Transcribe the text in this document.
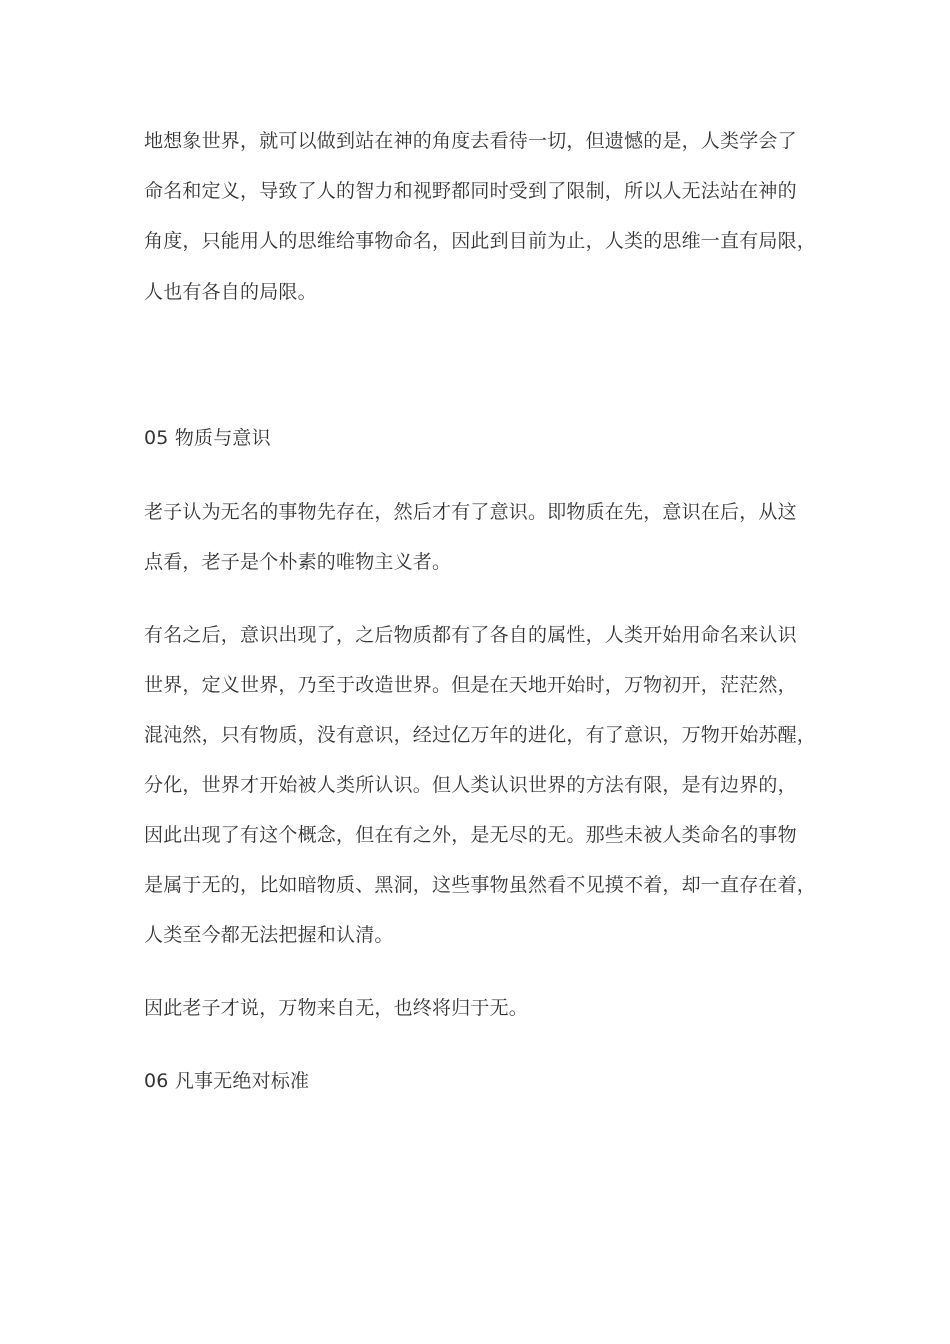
地想象世界，就可以做到站在神的角度去看待一切，但遗憾的是，人类学会了
命名和定义，导致了人的智力和视野都同时受到了限制，所以人无法站在神的
角度，只能用人的思维给事物命名，因此到目前为止，人类的思维一直有局限，
人也有各自的局限。
05 物质与意识
老子认为无名的事物先存在，然后才有了意识。即物质在先，意识在后，从这
点看，老子是个朴素的唯物主义者。
有名之后，意识出现了，之后物质都有了各自的属性，人类开始用命名来认识
世界，定义世界，乃至于改造世界。但是在天地开始时，万物初开，茫茫然，
混沌然，只有物质，没有意识，经过亿万年的进化，有了意识，万物开始苏醒，
分化，世界才开始被人类所认识。但人类认识世界的方法有限，是有边界的，
因此出现了有这个概念，但在有之外，是无尽的无。那些未被人类命名的事物
是属于无的，比如暗物质、黑洞，这些事物虽然看不见摸不着，却一直存在着，
人类至今都无法把握和认清。
因此老子才说，万物来自无，也终将归于无。
06 凡事无绝对标准
